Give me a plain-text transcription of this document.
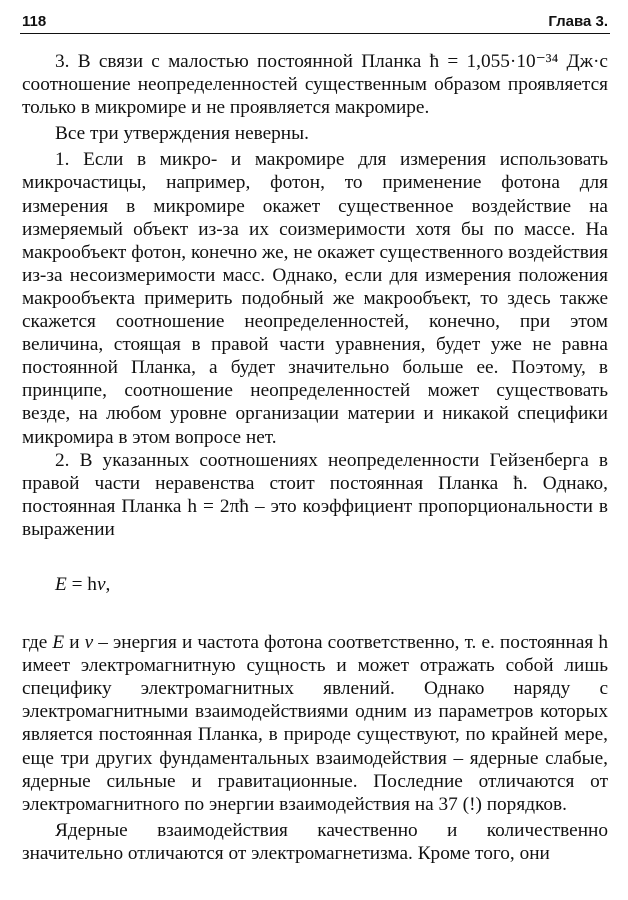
118	Глава 3.

3. В связи с малостью постоянной Планка ħ = 1,055·10⁻³⁴ Дж·с соотношение неопределенностей существенным образом проявляется только в микромире и не проявляется макромире.

Все три утверждения неверны.

1. Если в микро- и макромире для измерения использовать микрочастицы, например, фотон, то применение фотона для измерения в микромире окажет существенное воздействие на измеряемый объект из-за их соизмеримости хотя бы по массе. На макрообъект фотон, конечно же, не окажет существенного воздействия из-за несоизмеримости масс. Однако, если для измерения положения макрообъекта примерить подобный же макрообъект, то здесь также скажется соотношение неопределенностей, конечно, при этом величина, стоящая в правой части уравнения, будет уже не равна постоянной Планка, а будет значительно больше ее. Поэтому, в принципе, соотношение неопределенностей может существовать везде, на любом уровне организации материи и никакой специфики микромира в этом вопросе нет.

2. В указанных соотношениях неопределенности Гейзенберга в правой части неравенства стоит постоянная Планка ħ. Однако, постоянная Планка h = 2πħ – это коэффициент пропорциональности в выражении

E = hν,

где E и ν – энергия и частота фотона соответственно, т. е. постоянная h имеет электромагнитную сущность и может отражать собой лишь специфику электромагнитных явлений. Однако наряду с электромагнитными взаимодействиями одним из параметров которых является постоянная Планка, в природе существуют, по крайней мере, еще три других фундаментальных взаимодействия – ядерные слабые, ядерные сильные и гравитационные. Последние отличаются от электромагнитного по энергии взаимодействия на 37 (!) порядков.

Ядерные взаимодействия качественно и количественно значительно отличаются от электромагнетизма. Кроме того, они
